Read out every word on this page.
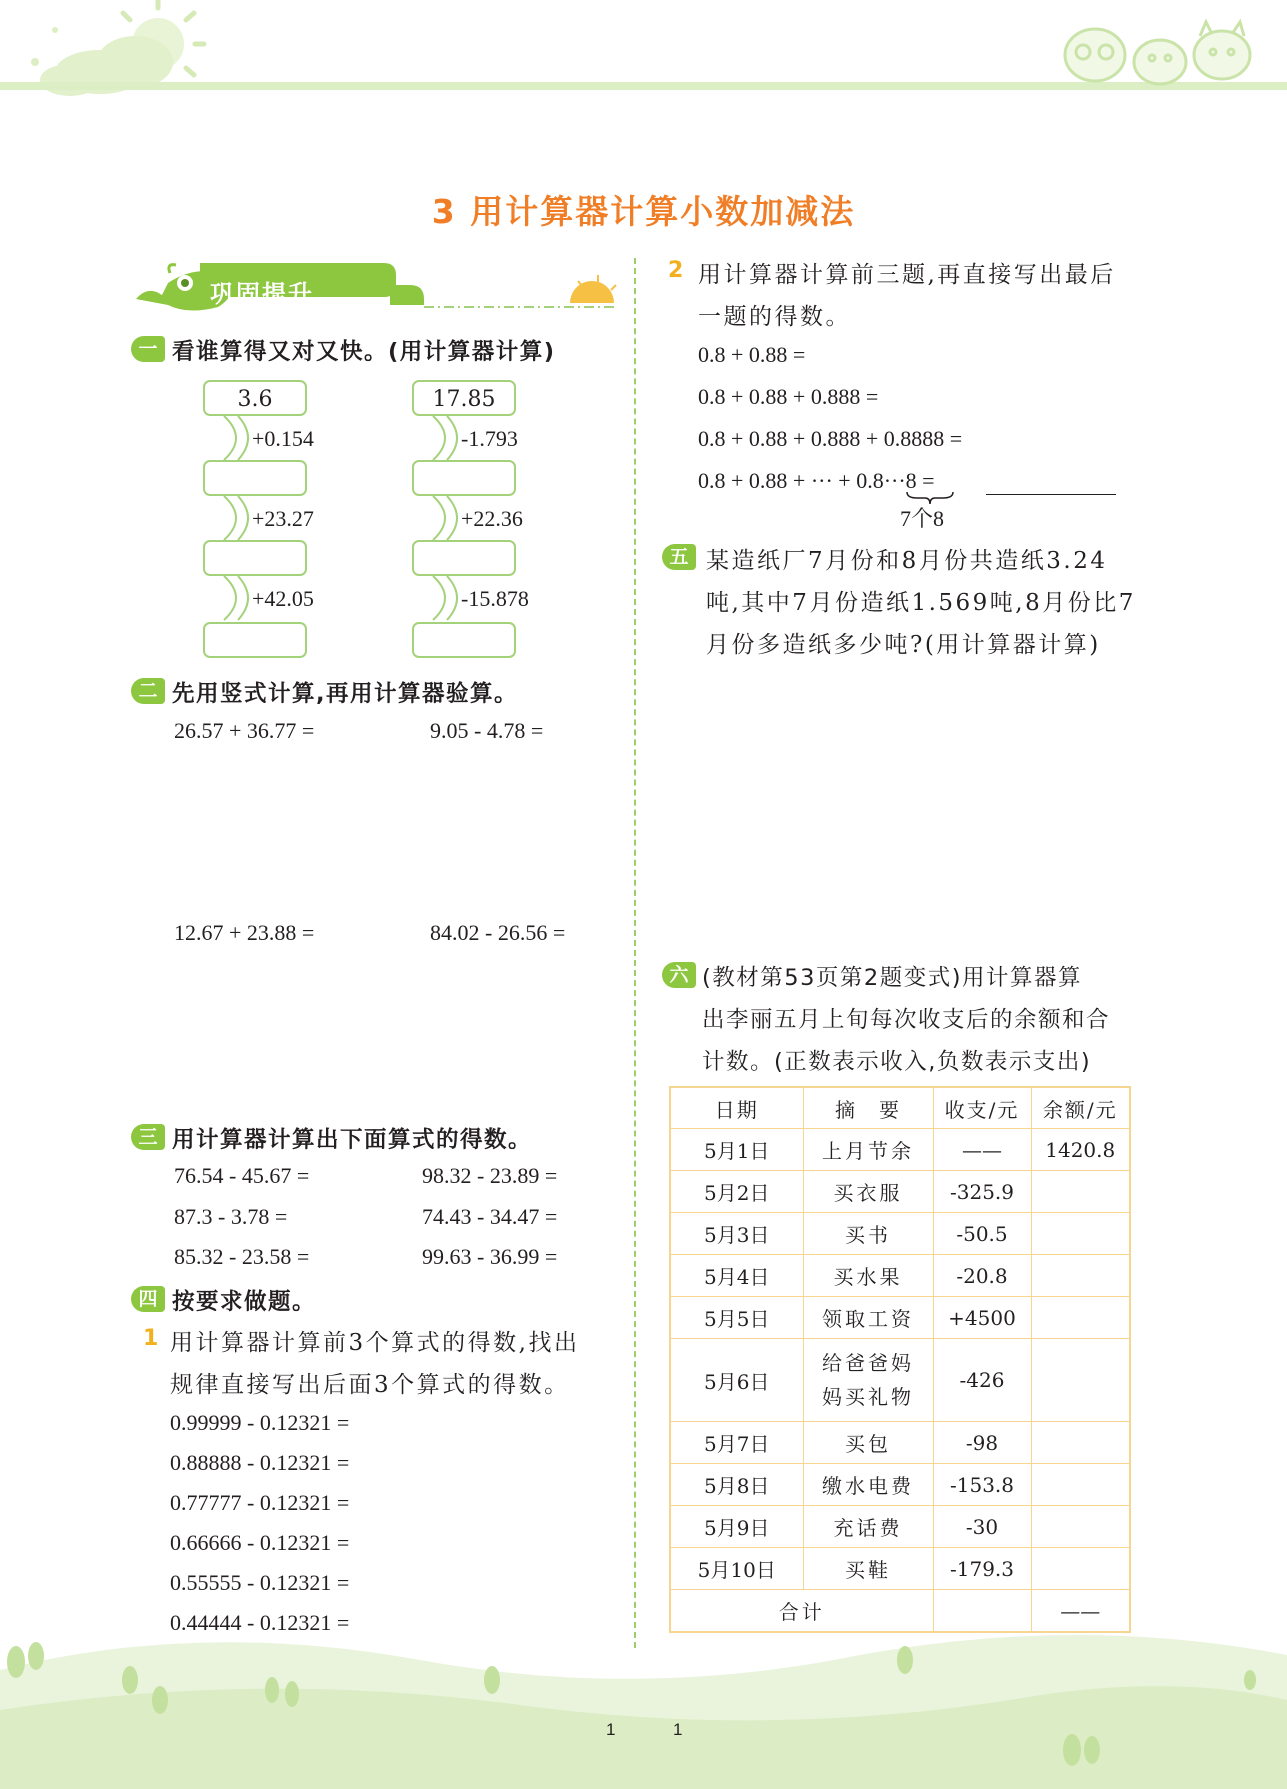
3 用计算器计算小数加减法
巩固提升
一 看谁算得又对又快。(用计算器计算)
3.6
+0.154
+23.27
+42.05
17.85
-1.793
+22.36
-15.878
二 先用竖式计算,再用计算器验算。
26.57 + 36.77 =	9.05 - 4.78 =
12.67 + 23.88 =	84.02 - 26.56 =
三 用计算器计算出下面算式的得数。
76.54 - 45.67 =	98.32 - 23.89 =
87.3 - 3.78 =	74.43 - 34.47 =
85.32 - 23.58 =	99.63 - 36.99 =
四 按要求做题。
1 用计算器计算前3个算式的得数,找出
规律直接写出后面3个算式的得数。
0.99999 - 0.12321 =
0.88888 - 0.12321 =
0.77777 - 0.12321 =
0.66666 - 0.12321 =
0.55555 - 0.12321 =
0.44444 - 0.12321 =
2 用计算器计算前三题,再直接写出最后
一题的得数。
0.8 + 0.88 =
0.8 + 0.88 + 0.888 =
0.8 + 0.88 + 0.888 + 0.8888 =
0.8 + 0.88 + ··· + 0.8···8 =
7个8
五 某造纸厂7月份和8月份共造纸3.24
吨,其中7月份造纸1.569吨,8月份比7
月份多造纸多少吨?(用计算器计算)
六 (教材第53页第2题变式)用计算器算
出李丽五月上旬每次收支后的余额和合
计数。(正数表示收入,负数表示支出)
日期	摘　要	收支/元	余额/元
5月1日	上月节余	——	1420.8
5月2日	买衣服	-325.9	
5月3日	买书	-50.5	
5月4日	买水果	-20.8	
5月5日	领取工资	+4500	
5月6日	给爸爸妈妈买礼物	-426	
5月7日	买包	-98	
5月8日	缴水电费	-153.8	
5月9日	充话费	-30	
5月10日	买鞋	-179.3	
合计			——
1	1
